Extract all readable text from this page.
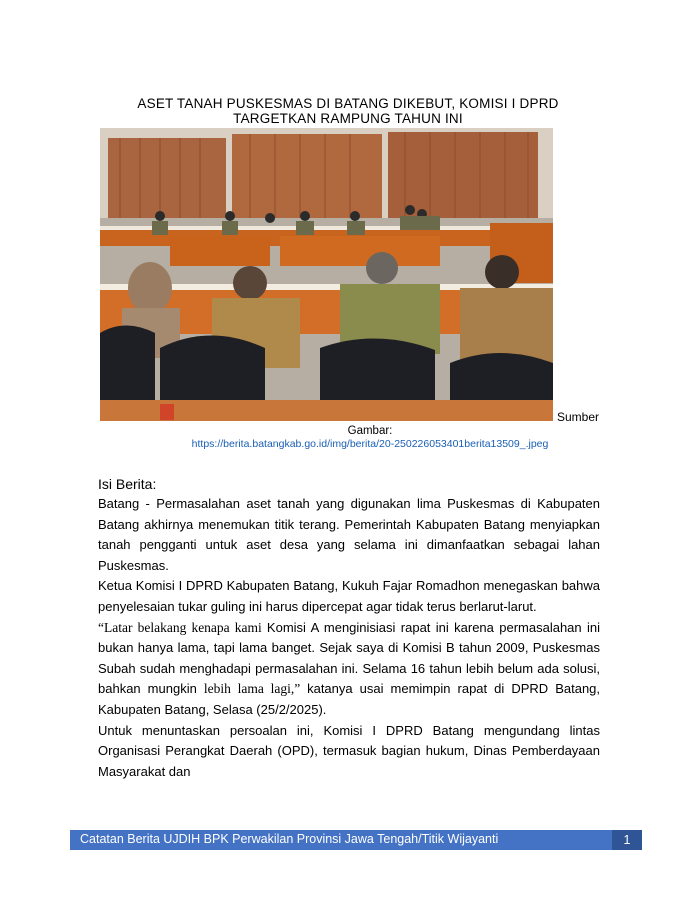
ASET TANAH PUSKESMAS DI BATANG DIKEBUT, KOMISI I DPRD
TARGETKAN RAMPUNG TAHUN INI
Sumber
Gambar:
https://berita.batangkab.go.id/img/berita/20-250226053401berita13509_.jpeg
Isi Berita:

Batang - Permasalahan aset tanah yang digunakan lima Puskesmas di Kabupaten Batang akhirnya menemukan titik terang. Pemerintah Kabupaten Batang menyiapkan tanah pengganti untuk aset desa yang selama ini dimanfaatkan sebagai lahan Puskesmas.

Ketua Komisi I DPRD Kabupaten Batang, Kukuh Fajar Romadhon menegaskan bahwa penyelesaian tukar guling ini harus dipercepat agar tidak terus berlarut-larut.

“Latar belakang kenapa kami Komisi A menginisiasi rapat ini karena permasalahan ini bukan hanya lama, tapi lama banget. Sejak saya di Komisi B tahun 2009, Puskesmas Subah sudah menghadapi permasalahan ini. Selama 16 tahun lebih belum ada solusi, bahkan mungkin lebih lama lagi,” katanya usai memimpin rapat di DPRD Batang, Kabupaten Batang, Selasa (25/2/2025).

Untuk menuntaskan persoalan ini, Komisi I DPRD Batang mengundang lintas Organisasi Perangkat Daerah (OPD), termasuk bagian hukum, Dinas Pemberdayaan Masyarakat dan

Catatan Berita UJDIH BPK Perwakilan Provinsi Jawa Tengah/Titik Wijayanti	1
